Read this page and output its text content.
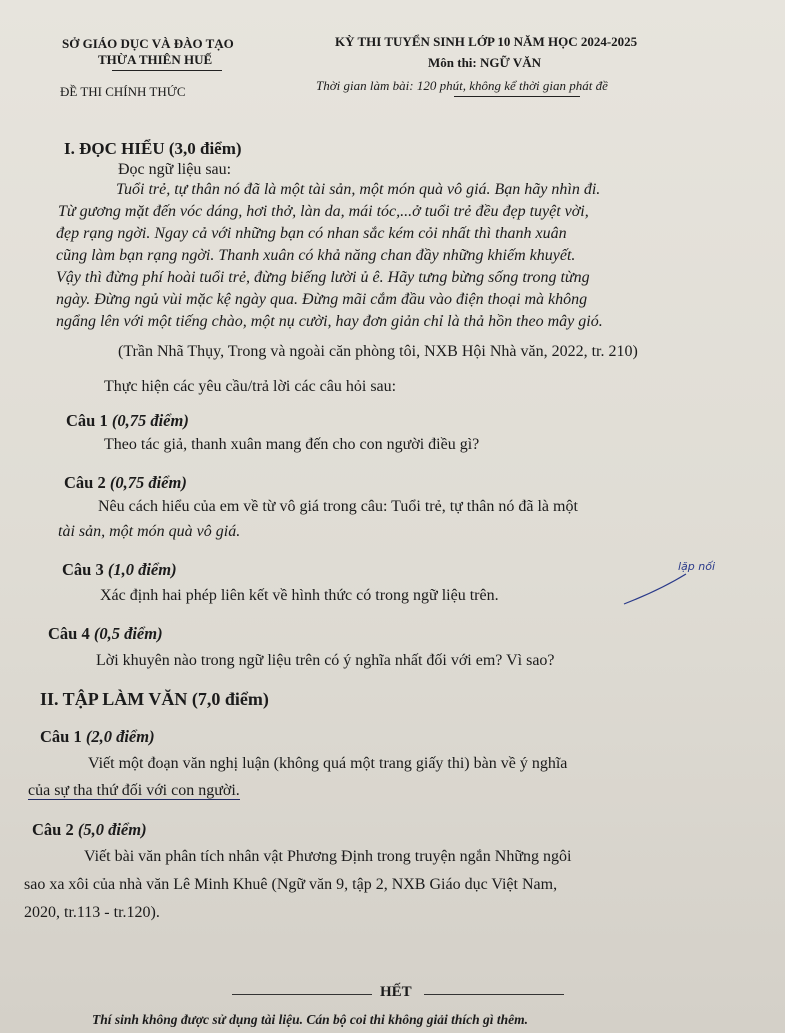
SỞ GIÁO DỤC VÀ ĐÀO TẠO
THỪA THIÊN HUẾ
ĐỀ THI CHÍNH THỨC
KỲ THI TUYỂN SINH LỚP 10 NĂM HỌC 2024-2025
Môn thi: NGỮ VĂN
Thời gian làm bài: 120 phút, không kể thời gian phát đề
I. ĐỌC HIỂU (3,0 điểm)
Đọc ngữ liệu sau:
Tuổi trẻ, tự thân nó đã là một tài sản, một món quà vô giá. Bạn hãy nhìn đi.
Từ gương mặt đến vóc dáng, hơi thở, làn da, mái tóc,...ở tuổi trẻ đều đẹp tuyệt vời,
đẹp rạng ngời. Ngay cả với những bạn có nhan sắc kém cỏi nhất thì thanh xuân
cũng làm bạn rạng ngời. Thanh xuân có khả năng chan đầy những khiếm khuyết.
Vậy thì đừng phí hoài tuổi trẻ, đừng biếng lười ủ ê. Hãy tưng bừng sống trong từng
ngày. Đừng ngủ vùi mặc kệ ngày qua. Đừng mãi cắm đầu vào điện thoại mà không
ngẩng lên với một tiếng chào, một nụ cười, hay đơn giản chỉ là thả hồn theo mây gió.
(Trần Nhã Thụy, Trong và ngoài căn phòng tôi, NXB Hội Nhà văn, 2022, tr. 210)
Thực hiện các yêu cầu/trả lời các câu hỏi sau:
Câu 1 (0,75 điểm)
Theo tác giả, thanh xuân mang đến cho con người điều gì?
Câu 2 (0,75 điểm)
Nêu cách hiểu của em về từ vô giá trong câu: Tuổi trẻ, tự thân nó đã là một
tài sản, một món quà vô giá.
Câu 3 (1,0 điểm)
Xác định hai phép liên kết về hình thức có trong ngữ liệu trên.
lặp nối
Câu 4 (0,5 điểm)
Lời khuyên nào trong ngữ liệu trên có ý nghĩa nhất đối với em? Vì sao?
II. TẬP LÀM VĂN (7,0 điểm)
Câu 1 (2,0 điểm)
Viết một đoạn văn nghị luận (không quá một trang giấy thi) bàn về ý nghĩa
của sự tha thứ đối với con người.
Câu 2 (5,0 điểm)
Viết bài văn phân tích nhân vật Phương Định trong truyện ngắn Những ngôi
sao xa xôi của nhà văn Lê Minh Khuê (Ngữ văn 9, tập 2, NXB Giáo dục Việt Nam,
2020, tr.113 - tr.120).
HẾT
Thí sinh không được sử dụng tài liệu. Cán bộ coi thi không giải thích gì thêm.
